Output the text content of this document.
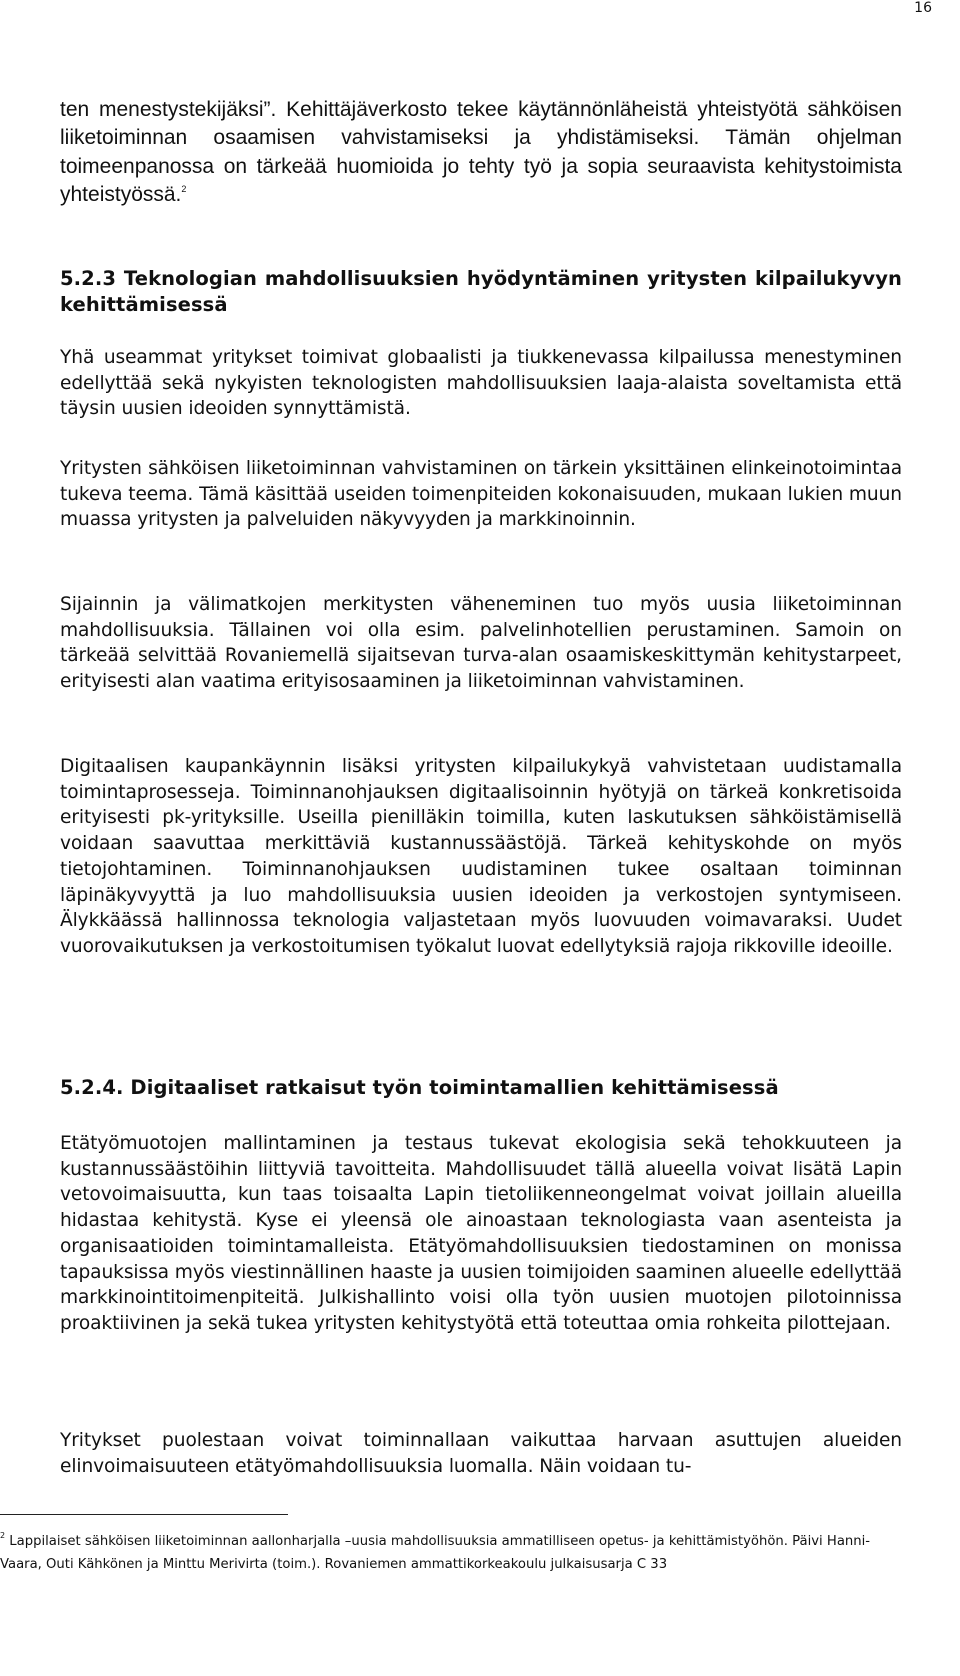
16

ten menestystekijäksi”. Kehittäjäverkosto tekee käytännönläheistä yhteistyötä sähköisen liiketoiminnan osaamisen vahvistamiseksi ja yhdistämiseksi. Tämän ohjelman toimeenpanossa on tärkeää huomioida jo tehty työ ja sopia seuraavista kehitystoimista yhteistyössä.$^2$

5.2.3 Teknologian mahdollisuuksien hyödyntäminen yritysten kilpailukyvyn kehittämisessä

Yhä useammat yritykset toimivat globaalisti ja tiukkenevassa kilpailussa menestyminen edellyttää sekä nykyisten teknologisten mahdollisuuksien laaja-alaista soveltamista että täysin uusien ideoiden synnyttämistä.

Yritysten sähköisen liiketoiminnan vahvistaminen on tärkein yksittäinen elinkeinotoimintaa tukeva teema. Tämä käsittää useiden toimenpiteiden kokonaisuuden, mukaan lukien muun muassa yritysten ja palveluiden näkyvyyden ja markkinoinnin.

Sijainnin ja välimatkojen merkitysten väheneminen tuo myös uusia liiketoiminnan mahdollisuuksia. Tällainen voi olla esim. palvelinhotellien perustaminen. Samoin on tärkeää selvittää Rovaniemellä sijaitsevan turva-alan osaamiskeskittymän kehitystarpeet, erityisesti alan vaatima erityisosaaminen ja liiketoiminnan vahvistaminen.

Digitaalisen kaupankäynnin lisäksi yritysten kilpailukykyä vahvistetaan uudistamalla toimintaprosesseja. Toiminnanohjauksen digitaalisoinnin hyötyjä on tärkeä konkretisoida erityisesti pk-yrityksille. Useilla pienilläkin toimilla, kuten laskutuksen sähköistämisellä voidaan saavuttaa merkittäviä kustannussäästöjä. Tärkeä kehityskohde on myös tietojohtaminen. Toiminnanohjauksen uudistaminen tukee osaltaan toiminnan läpinäkyvyyttä ja luo mahdollisuuksia uusien ideoiden ja verkostojen syntymiseen. Älykkäässä hallinnossa teknologia valjastetaan myös luovuuden voimavaraksi. Uudet vuorovaikutuksen ja verkostoitumisen työkalut luovat edellytyksiä rajoja rikkoville ideoille.

5.2.4. Digitaaliset ratkaisut työn toimintamallien kehittämisessä

Etätyömuotojen mallintaminen ja testaus tukevat ekologisia sekä tehokkuuteen ja kustannussäästöihin liittyviä tavoitteita. Mahdollisuudet tällä alueella voivat lisätä Lapin vetovoimaisuutta, kun taas toisaalta Lapin tietoliikenneongelmat voivat joillain alueilla hidastaa kehitystä. Kyse ei yleensä ole ainoastaan teknologiasta vaan asenteista ja organisaatioiden toimintamalleista. Etätyömahdollisuuksien tiedostaminen on monissa tapauksissa myös viestinnällinen haaste ja uusien toimijoiden saaminen alueelle edellyttää markkinointitoimenpiteitä. Julkishallinto voisi olla työn uusien muotojen pilotoinnissa proaktiivinen ja sekä tukea yritysten kehitystyötä että toteuttaa omia rohkeita pilottejaan.

Yritykset puolestaan voivat toiminnallaan vaikuttaa harvaan asuttujen alueiden elinvoimaisuuteen etätyömahdollisuuksia luomalla. Näin voidaan tu-

$^2$ Lappilaiset sähköisen liiketoiminnan aallonharjalla –uusia mahdollisuuksia ammatilliseen opetus- ja kehittämistyöhön. Päivi Hanni-Vaara, Outi Kähkönen ja Minttu Merivirta (toim.). Rovaniemen ammattikorkeakoulu julkaisusarja C 33
